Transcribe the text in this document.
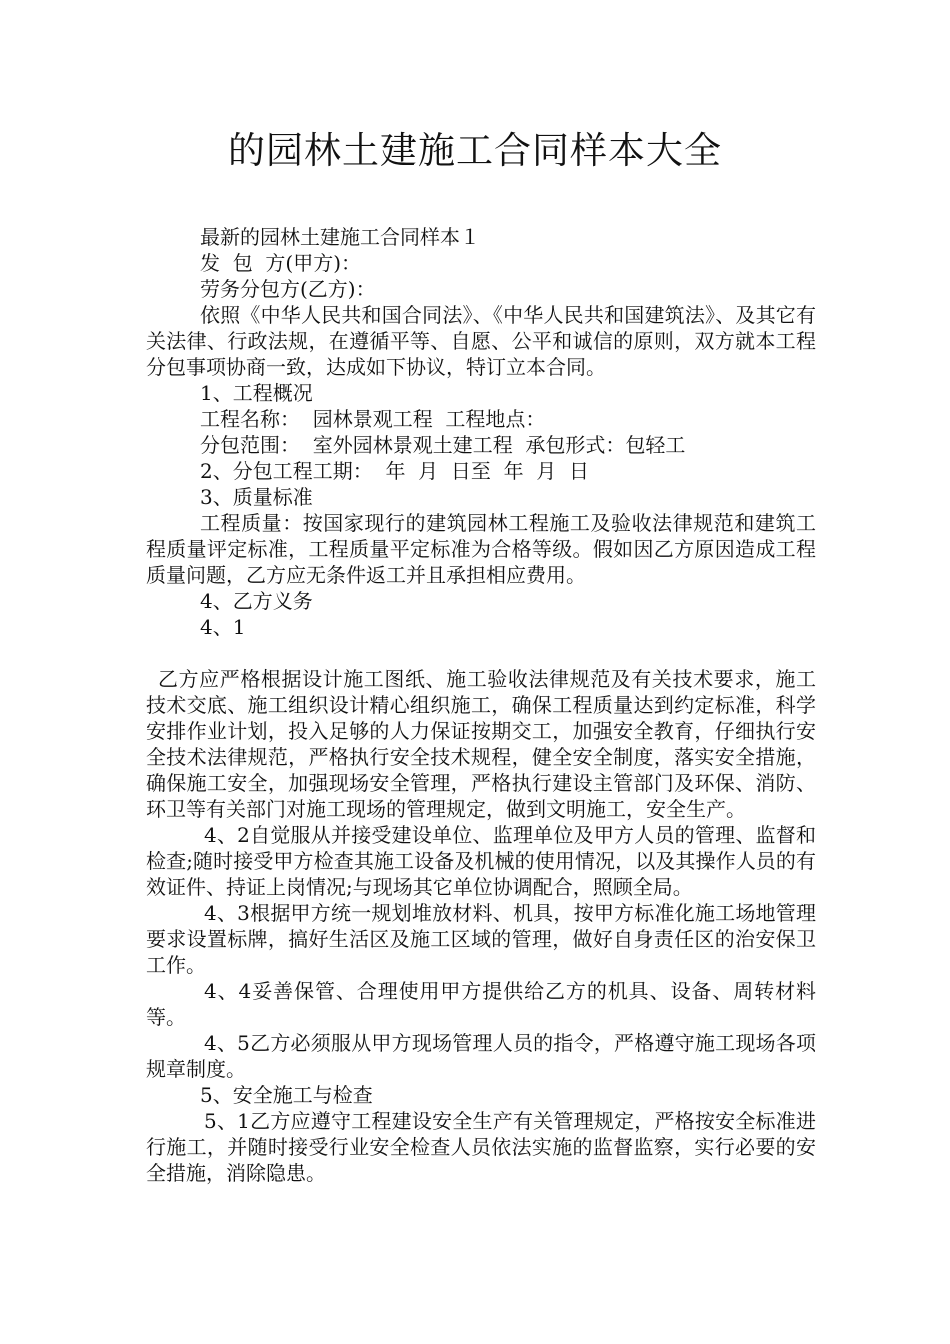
的园林土建施工合同样本大全

最新的园林土建施工合同样本１

发  包  方(甲方)：

劳务分包方(乙方)：

依照《中华人民共和国合同法》、《中华人民共和国建筑法》、及其它有关法律、行政法规，在遵循平等、自愿、公平和诚信的原则，双方就本工程分包事项协商一致，达成如下协议，特订立本合同。

1、工程概况

工程名称：  园林景观工程  工程地点：

分包范围：  室外园林景观土建工程  承包形式：包轻工

2、分包工程工期：  年  月  日至  年  月  日

3、质量标准

工程质量：按国家现行的建筑园林工程施工及验收法律规范和建筑工程质量评定标准，工程质量平定标准为合格等级。假如因乙方原因造成工程质量问题，乙方应无条件返工并且承担相应费用。

4、乙方义务

4、1

乙方应严格根据设计施工图纸、施工验收法律规范及有关技术要求，施工技术交底、施工组织设计精心组织施工，确保工程质量达到约定标准，科学安排作业计划，投入足够的人力保证按期交工，加强安全教育，仔细执行安全技术法律规范，严格执行安全技术规程，健全安全制度，落实安全措施，确保施工安全，加强现场安全管理，严格执行建设主管部门及环保、消防、环卫等有关部门对施工现场的管理规定，做到文明施工，安全生产。

4、2自觉服从并接受建设单位、监理单位及甲方人员的管理、监督和检查;随时接受甲方检查其施工设备及机械的使用情况，以及其操作人员的有效证件、持证上岗情况;与现场其它单位协调配合，照顾全局。

4、3根据甲方统一规划堆放材料、机具，按甲方标准化施工场地管理要求设置标牌，搞好生活区及施工区域的管理，做好自身责任区的治安保卫工作。

4、4妥善保管、合理使用甲方提供给乙方的机具、设备、周转材料等。

4、5乙方必须服从甲方现场管理人员的指令，严格遵守施工现场各项规章制度。

5、安全施工与检查

5、1乙方应遵守工程建设安全生产有关管理规定，严格按安全标准进行施工，并随时接受行业安全检查人员依法实施的监督监察，实行必要的安全措施，消除隐患。
